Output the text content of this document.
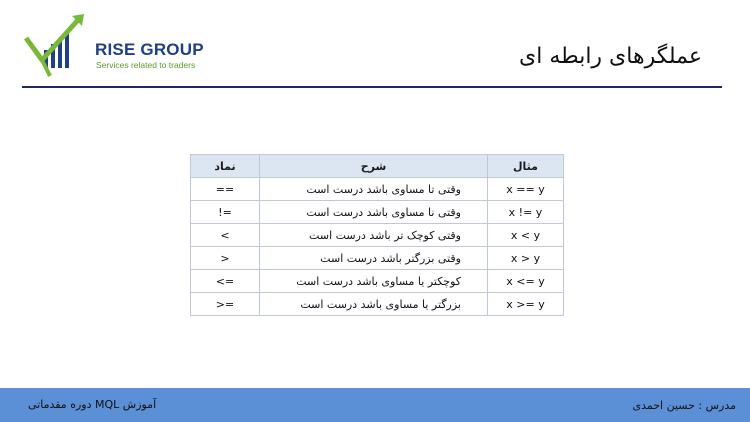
RISE GROUP
Services related to traders	عملگرهای رابطه ای
مثال	شرح	نماد
x == y	وقتی تا مساوی باشد درست است	==
x != y	وقتی نا مساوی باشد درست است	!=
x < y	وقتی کوچک تر باشد درست است	<
x > y	وقتی بزرگتر باشد درست است	>
x <= y	کوچکتر یا مساوی باشد درست است	<=
x >= y	بزرگتر یا مساوی باشد درست است	>=
مدرس : حسین احمدی
آموزش MQL دوره مقدماتی
